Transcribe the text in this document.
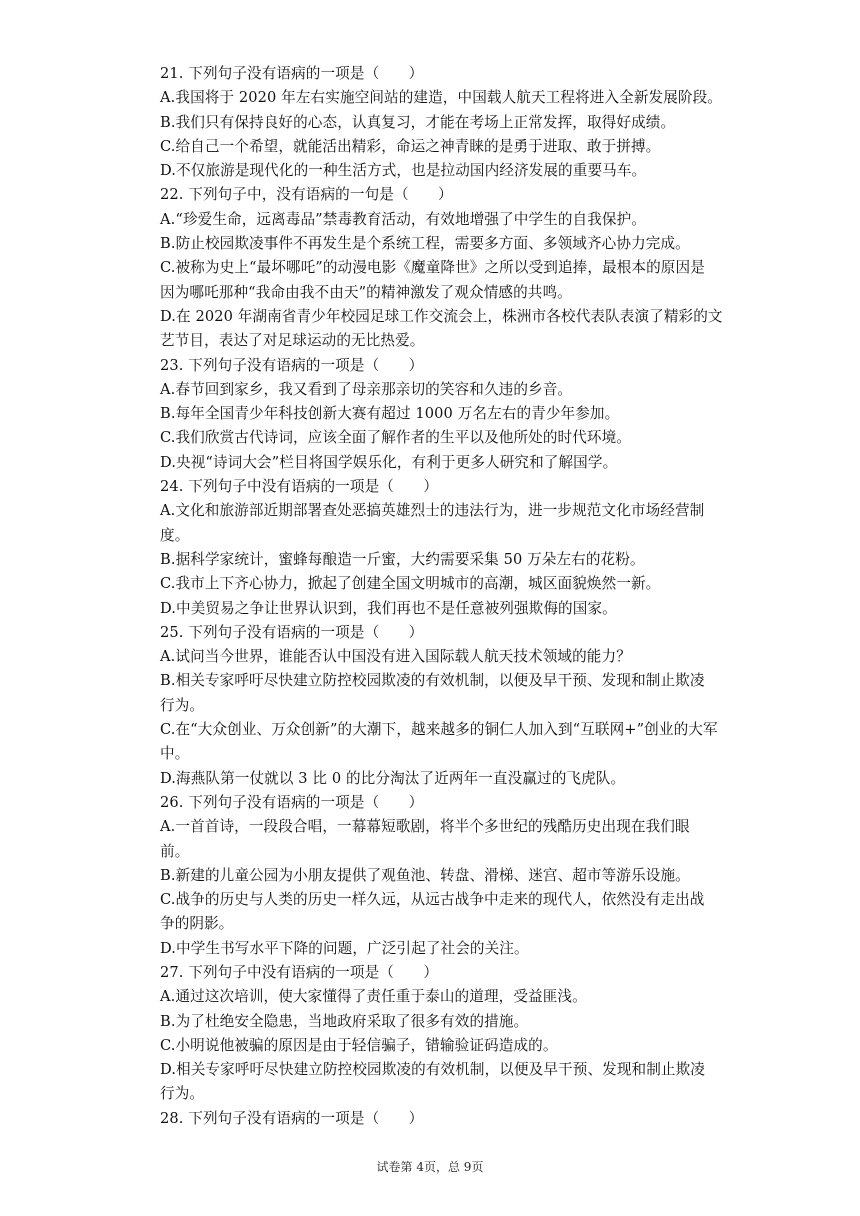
21. 下列句子没有语病的一项是（　　）
A.我国将于 2020 年左右实施空间站的建造，中国载人航天工程将进入全新发展阶段。
B.我们只有保持良好的心态，认真复习，才能在考场上正常发挥，取得好成绩。
C.给自己一个希望，就能活出精彩，命运之神青睐的是勇于进取、敢于拼搏。
D.不仅旅游是现代化的一种生活方式，也是拉动国内经济发展的重要马车。
22. 下列句子中，没有语病的一句是（　　）
A.“珍爱生命，远离毒品”禁毒教育活动，有效地增强了中学生的自我保护。
B.防止校园欺凌事件不再发生是个系统工程，需要多方面、多领域齐心协力完成。
C.被称为史上“最坏哪吒”的动漫电影《魔童降世》之所以受到追捧，最根本的原因是
因为哪吒那种“我命由我不由天”的精神激发了观众情感的共鸣。
D.在 2020 年湖南省青少年校园足球工作交流会上，株洲市各校代表队表演了精彩的文
艺节目，表达了对足球运动的无比热爱。
23. 下列句子没有语病的一项是（　　）
A.春节回到家乡，我又看到了母亲那亲切的笑容和久违的乡音。
B.每年全国青少年科技创新大赛有超过 1000 万名左右的青少年参加。
C.我们欣赏古代诗词，应该全面了解作者的生平以及他所处的时代环境。
D.央视“诗词大会”栏目将国学娱乐化，有利于更多人研究和了解国学。
24. 下列句子中没有语病的一项是（　　）
A.文化和旅游部近期部署查处恶搞英雄烈士的违法行为，进一步规范文化市场经营制
度。
B.据科学家统计，蜜蜂每酿造一斤蜜，大约需要采集 50 万朵左右的花粉。
C.我市上下齐心协力，掀起了创建全国文明城市的高潮，城区面貌焕然一新。
D.中美贸易之争让世界认识到，我们再也不是任意被列强欺侮的国家。
25. 下列句子没有语病的一项是（　　）
A.试问当今世界，谁能否认中国没有进入国际载人航天技术领域的能力？
B.相关专家呼吁尽快建立防控校园欺凌的有效机制，以便及早干预、发现和制止欺凌
行为。
C.在“大众创业、万众创新”的大潮下，越来越多的铜仁人加入到“互联网+”创业的大军
中。
D.海燕队第一仗就以 3 比 0 的比分淘汰了近两年一直没赢过的飞虎队。
26. 下列句子没有语病的一项是（　　）
A.一首首诗，一段段合唱，一幕幕短歌剧，将半个多世纪的残酷历史出现在我们眼
前。
B.新建的儿童公园为小朋友提供了观鱼池、转盘、滑梯、迷宫、超市等游乐设施。
C.战争的历史与人类的历史一样久远，从远古战争中走来的现代人，依然没有走出战
争的阴影。
D.中学生书写水平下降的问题，广泛引起了社会的关注。
27. 下列句子中没有语病的一项是（　　）
A.通过这次培训，使大家懂得了责任重于泰山的道理，受益匪浅。
B.为了杜绝安全隐患，当地政府采取了很多有效的措施。
C.小明说他被骗的原因是由于轻信骗子，错输验证码造成的。
D.相关专家呼吁尽快建立防控校园欺凌的有效机制，以便及早干预、发现和制止欺凌
行为。
28. 下列句子没有语病的一项是（　　）
试卷第 4页，总 9页
